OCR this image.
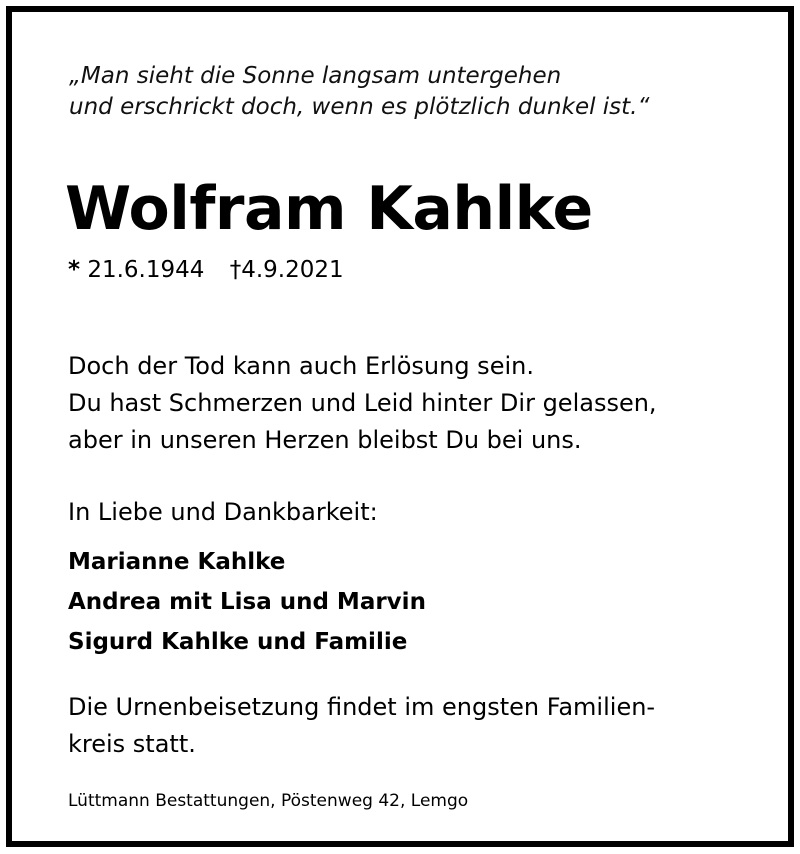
„Man sieht die Sonne langsam untergehen
und erschrickt doch, wenn es plötzlich dunkel ist.“
Wolfram Kahlke
* 21.6.1944 †4.9.2021
Doch der Tod kann auch Erlösung sein.
Du hast Schmerzen und Leid hinter Dir gelassen,
aber in unseren Herzen bleibst Du bei uns.
In Liebe und Dankbarkeit:
Marianne Kahlke
Andrea mit Lisa und Marvin
Sigurd Kahlke und Familie
Die Urnenbeisetzung findet im engsten Familien-
kreis statt.
Lüttmann Bestattungen, Pöstenweg 42, Lemgo
